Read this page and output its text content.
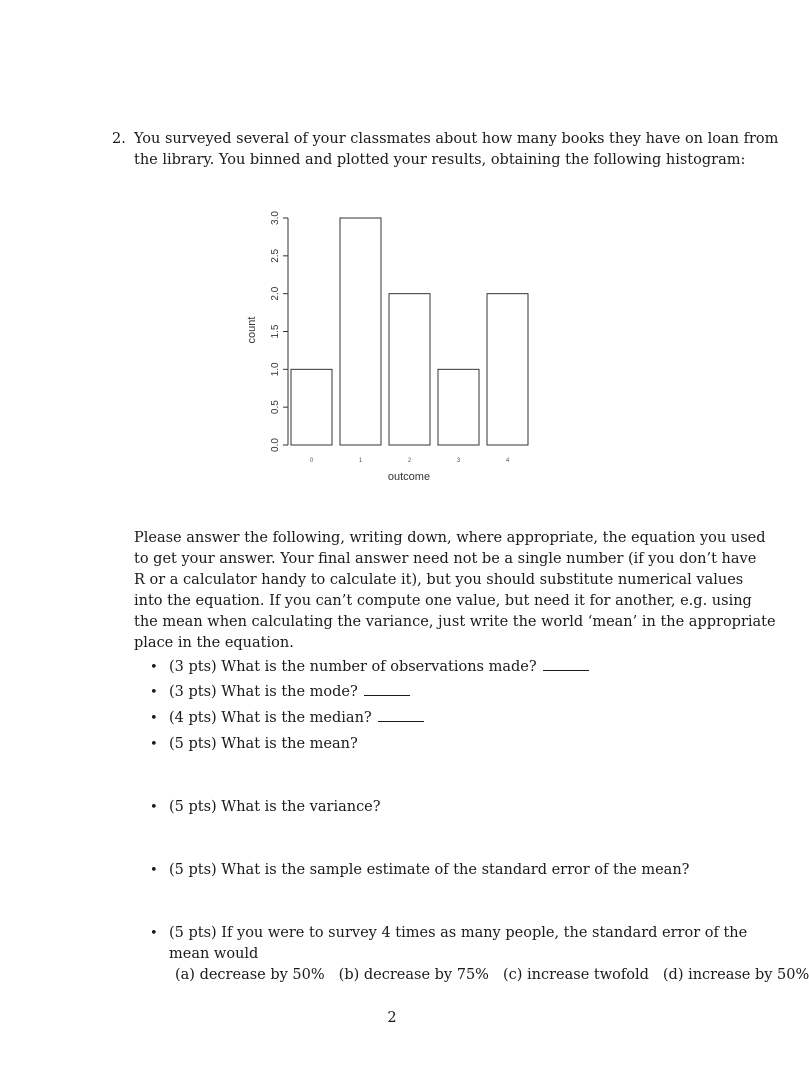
2. You surveyed several of your classmates about how many books they have on loan from
the library. You binned and plotted your results, obtaining the following histogram:
0.0
0.5
1.0
1.5
2.0
2.5
3.0
0	1	2	3	4
count
outcome
Please answer the following, writing down, where appropriate, the equation you used
to get your answer. Your final answer need not be a single number (if you don’t have
R or a calculator handy to calculate it), but you should substitute numerical values
into the equation. If you can’t compute one value, but need it for another, e.g. using
the mean when calculating the variance, just write the world ‘mean’ in the appropriate
place in the equation.
• (3 pts) What is the number of observations made?
• (3 pts) What is the mode?
• (4 pts) What is the median?
• (5 pts) What is the mean?
• (5 pts) What is the variance?
• (5 pts) What is the sample estimate of the standard error of the mean?
• (5 pts) If you were to survey 4 times as many people, the standard error of the
mean would
(a) decrease by 50% (b) decrease by 75% (c) increase twofold (d) increase by 50%
2
